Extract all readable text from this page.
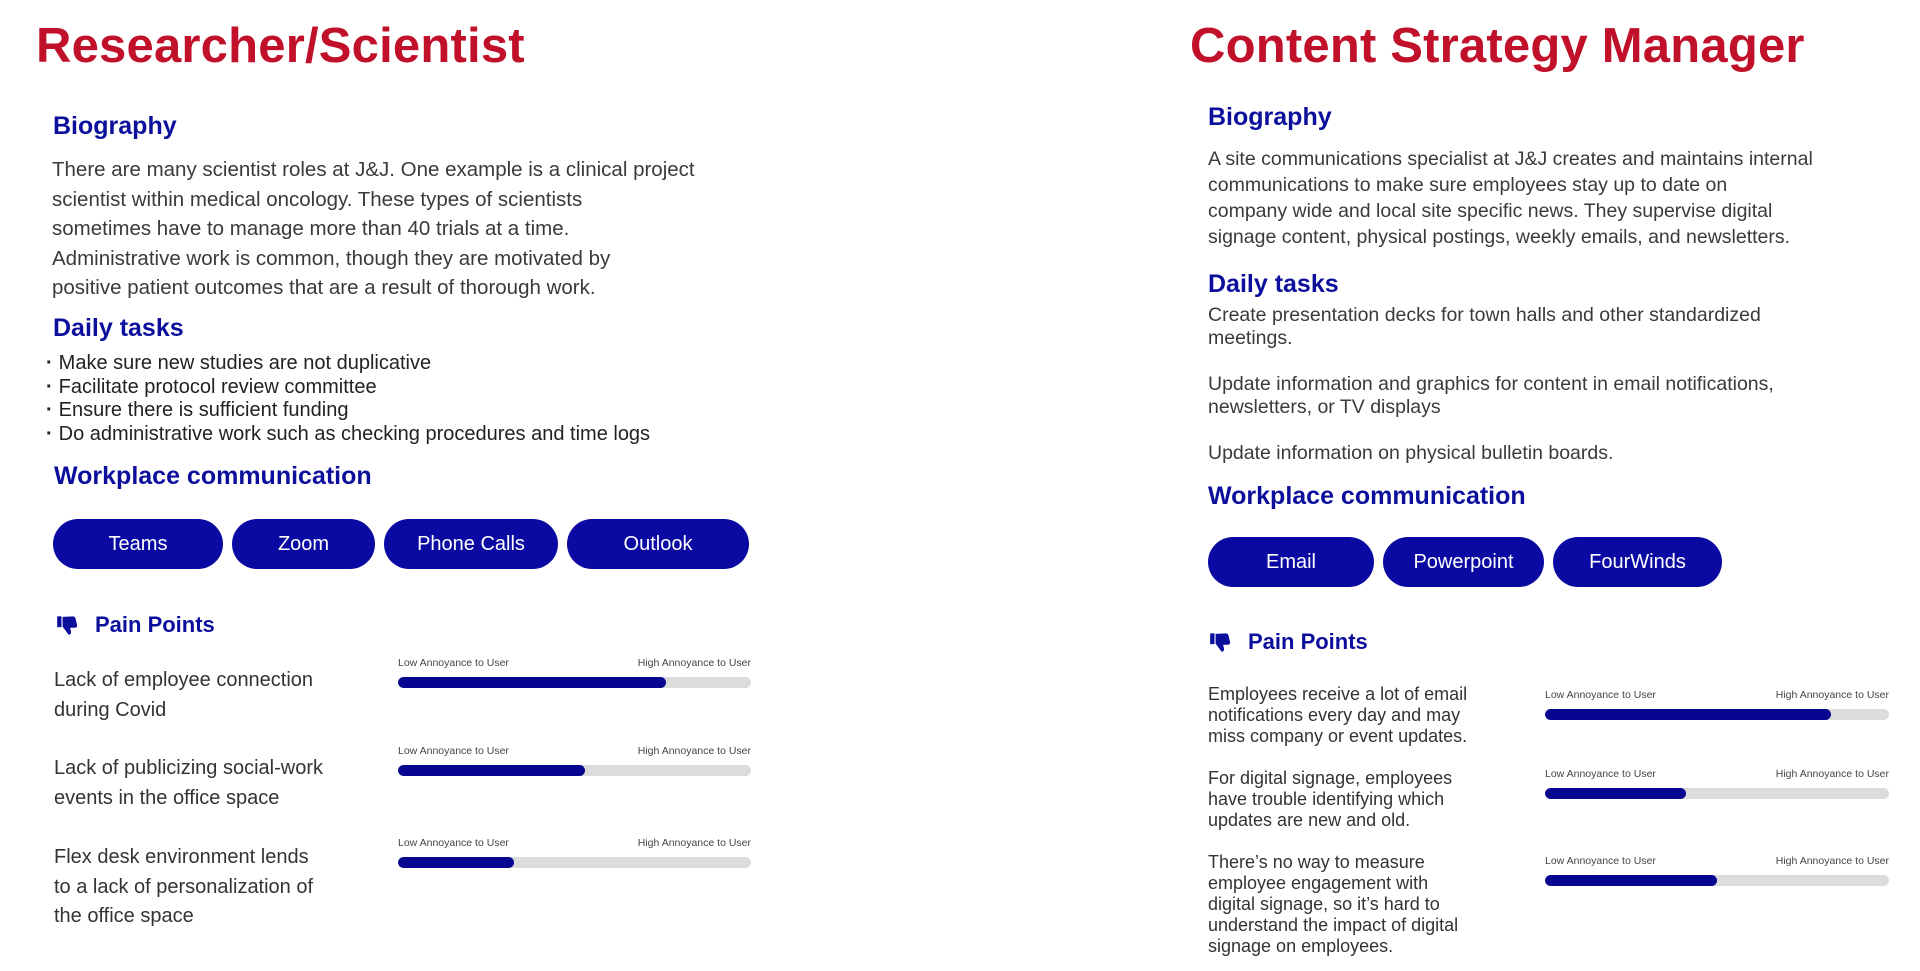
Researcher/Scientist
Biography

There are many scientist roles at J&J. One example is a clinical project
scientist within medical oncology. These types of scientists
sometimes have to manage more than 40 trials at a time.
Administrative work is common, though they are motivated by
positive patient outcomes that are a result of thorough work.

Daily tasks
· Make sure new studies are not duplicative
· Facilitate protocol review committee
· Ensure there is sufficient funding
· Do administrative work such as checking procedures and time logs
Workplace communication
Teams	Zoom	Phone Calls	Outlook
Pain Points

Lack of employee connection
during Covid

Low Annoyance to User	High Annoyance to User

Lack of publicizing social-work
events in the office space

Low Annoyance to User	High Annoyance to User

Flex desk environment lends
to a lack of personalization of
the office space

Low Annoyance to User	High Annoyance to User
Content Strategy Manager
Biography

A site communications specialist at J&J creates and maintains internal
communications to make sure employees stay up to date on
company wide and local site specific news. They supervise digital
signage content, physical postings, weekly emails, and newsletters.

Daily tasks

Create presentation decks for town halls and other standardized
meetings.

Update information and graphics for content in email notifications,
newsletters, or TV displays

Update information on physical bulletin boards.

Workplace communication
Email	Powerpoint	FourWinds
Pain Points

Employees receive a lot of email
notifications every day and may
miss company or event updates.

Low Annoyance to User	High Annoyance to User

For digital signage, employees
have trouble identifying which
updates are new and old.

Low Annoyance to User	High Annoyance to User

There’s no way to measure
employee engagement with
digital signage, so it’s hard to
understand the impact of digital
signage on employees.

Low Annoyance to User	High Annoyance to User
